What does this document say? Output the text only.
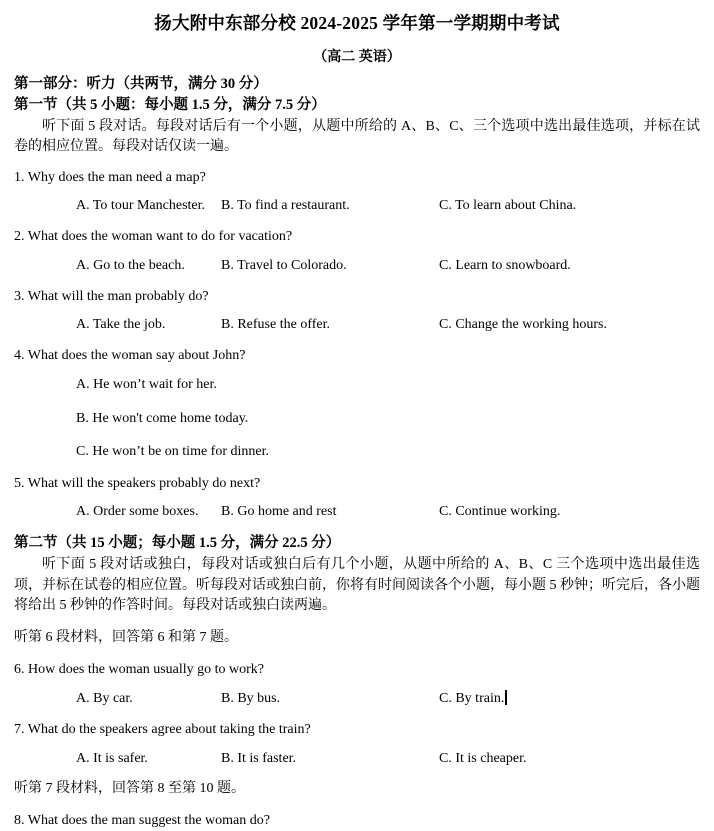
扬大附中东部分校 2024-2025 学年第一学期期中考试
（高二 英语）
第一部分：听力（共两节，满分 30 分）
第一节（共 5 小题：每小题 1.5 分，满分 7.5 分）

听下面 5 段对话。每段对话后有一个小题，从题中所给的 A、B、C、三个选项中选出最佳选项，并标在试卷的相应位置。每段对话仅读一遍。

1. Why does the man need a map?
A. To tour Manchester. B. To find a restaurant.	C. To learn about China.
2. What does the woman want to do for vacation?
A. Go to the beach.	B. Travel to Colorado.	C. Learn to snowboard.
3. What will the man probably do?
A. Take the job.	B. Refuse the offer.	C. Change the working hours.
4. What does the woman say about John?
A. He won’t wait for her.
B. He won't come home today.
C. He won’t be on time for dinner.
5. What will the speakers probably do next?
A. Order some boxes. B. Go home and rest	C. Continue working.
第二节（共 15 小题；每小题 1.5 分，满分 22.5 分）

听下面 5 段对话或独白，每段对话或独白后有几个小题，从题中所给的 A、B、C 三个选项中选出最佳选项，并标在试卷的相应位置。听每段对话或独白前，你将有时间阅读各个小题，每小题 5 秒钟；听完后，各小题将给出 5 秒钟的作答时间。每段对话或独白读两遍。

听第 6 段材料，回答第 6 和第 7 题。
6. How does the woman usually go to work?
A. By car.	B. By bus.	C. By train.
7. What do the speakers agree about taking the train?
A. It is safer.	B. It is faster.	C. It is cheaper.
听第 7 段材料，回答第 8 至第 10 题。
8. What does the man suggest the woman do?
